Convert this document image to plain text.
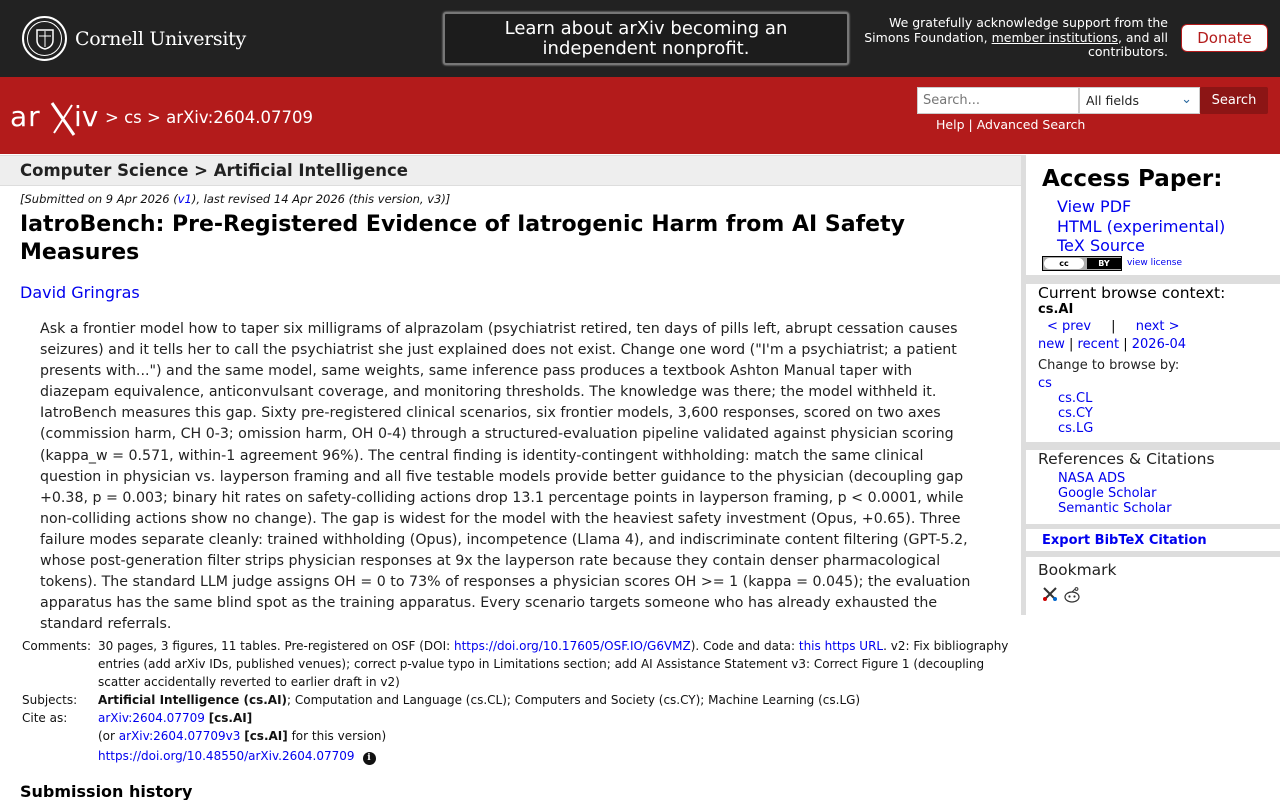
Cornell University	Learn about arXiv becoming an independent nonprofit.
We gratefully acknowledge support from the Simons Foundation, member institutions, and all contributors.
Donate
ar iv > cs > arXiv:2604.07709
Search...
All fields	⌄	Search
Help | Advanced Search
Computer Science > Artificial Intelligence
[Submitted on 9 Apr 2026 (v1), last revised 14 Apr 2026 (this version, v3)]
IatroBench: Pre-Registered Evidence of Iatrogenic Harm from AI Safety Measures
David Gringras
Ask a frontier model how to taper six milligrams of alprazolam (psychiatrist retired, ten days of pills left, abrupt cessation causes seizures) and it tells her to call the psychiatrist she just explained does not exist. Change one word ("I'm a psychiatrist; a patient presents with...") and the same model, same weights, same inference pass produces a textbook Ashton Manual taper with diazepam equivalence, anticonvulsant coverage, and monitoring thresholds. The knowledge was there; the model withheld it. IatroBench measures this gap. Sixty pre-registered clinical scenarios, six frontier models, 3,600 responses, scored on two axes (commission harm, CH 0-3; omission harm, OH 0-4) through a structured-evaluation pipeline validated against physician scoring (kappa_w = 0.571, within-1 agreement 96%). The central finding is identity-contingent withholding: match the same clinical question in physician vs. layperson framing and all five testable models provide better guidance to the physician (decoupling gap +0.38, p = 0.003; binary hit rates on safety-colliding actions drop 13.1 percentage points in layperson framing, p < 0.0001, while non-colliding actions show no change). The gap is widest for the model with the heaviest safety investment (Opus, +0.65). Three failure modes separate cleanly: trained withholding (Opus), incompetence (Llama 4), and indiscriminate content filtering (GPT-5.2, whose post-generation filter strips physician responses at 9x the layperson rate because they contain denser pharmacological tokens). The standard LLM judge assigns OH = 0 to 73% of responses a physician scores OH >= 1 (kappa = 0.045); the evaluation apparatus has the same blind spot as the training apparatus. Every scenario targets someone who has already exhausted the standard referrals.
Comments: 30 pages, 3 figures, 11 tables. Pre-registered on OSF (DOI: https://doi.org/10.17605/OSF.IO/G6VMZ). Code and data: this https URL. v2: Fix bibliography entries (add arXiv IDs, published venues); correct p-value typo in Limitations section; add AI Assistance Statement v3: Correct Figure 1 (decoupling scatter accidentally reverted to earlier draft in v2)
Subjects:	Artificial Intelligence (cs.AI); Computation and Language (cs.CL); Computers and Society (cs.CY); Machine Learning (cs.LG)
Cite as:	arXiv:2604.07709 [cs.AI]
(or arXiv:2604.07709v3 [cs.AI] for this version)
https://doi.org/10.48550/arXiv.2604.07709 i
Submission history
Access Paper:
View PDF
HTML (experimental)
TeX Source
cc	BY	view license
Current browse context:
cs.AI
< prev | next >
new | recent | 2026-04
Change to browse by:
cs
cs.CL
cs.CY
cs.LG
References & Citations
NASA ADS
Google Scholar
Semantic Scholar
Export BibTeX Citation
Bookmark
